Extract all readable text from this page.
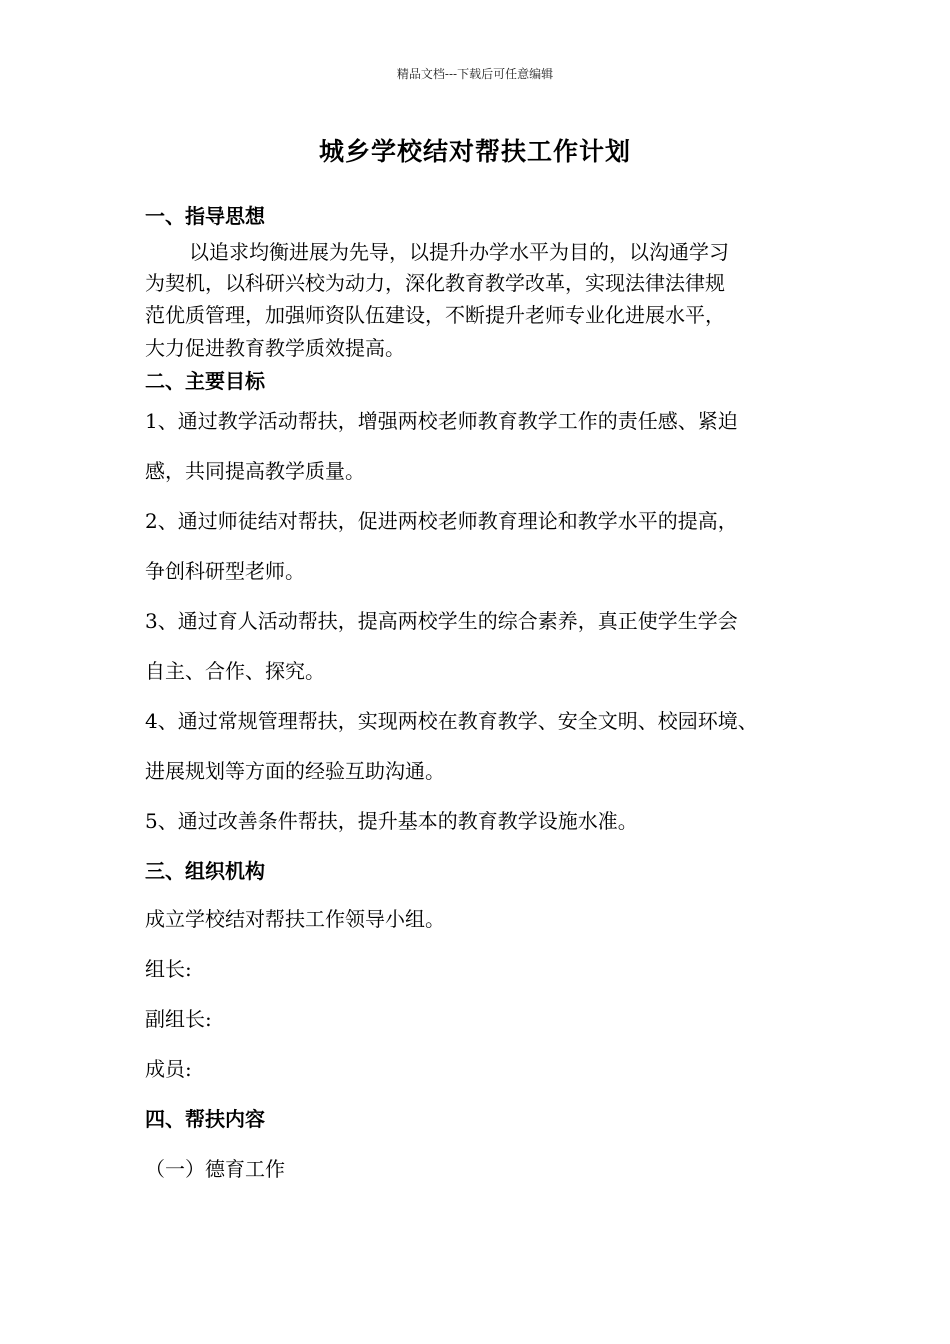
精品文档---下载后可任意编辑
城乡学校结对帮扶工作计划
一、指导思想
以追求均衡进展为先导，以提升办学水平为目的，以沟通学习
为契机，以科研兴校为动力，深化教育教学改革，实现法律法律规
范优质管理，加强师资队伍建设，不断提升老师专业化进展水平，
大力促进教育教学质效提高。
二、主要目标
1、通过教学活动帮扶，增强两校老师教育教学工作的责任感、紧迫
感，共同提高教学质量。
2、通过师徒结对帮扶，促进两校老师教育理论和教学水平的提高，
争创科研型老师。
3、通过育人活动帮扶，提高两校学生的综合素养，真正使学生学会
自主、合作、探究。
4、通过常规管理帮扶，实现两校在教育教学、安全文明、校园环境、
进展规划等方面的经验互助沟通。
5、通过改善条件帮扶，提升基本的教育教学设施水准。
三、组织机构
成立学校结对帮扶工作领导小组。
组长:
副组长:
成员:
四、帮扶内容
（一）德育工作
